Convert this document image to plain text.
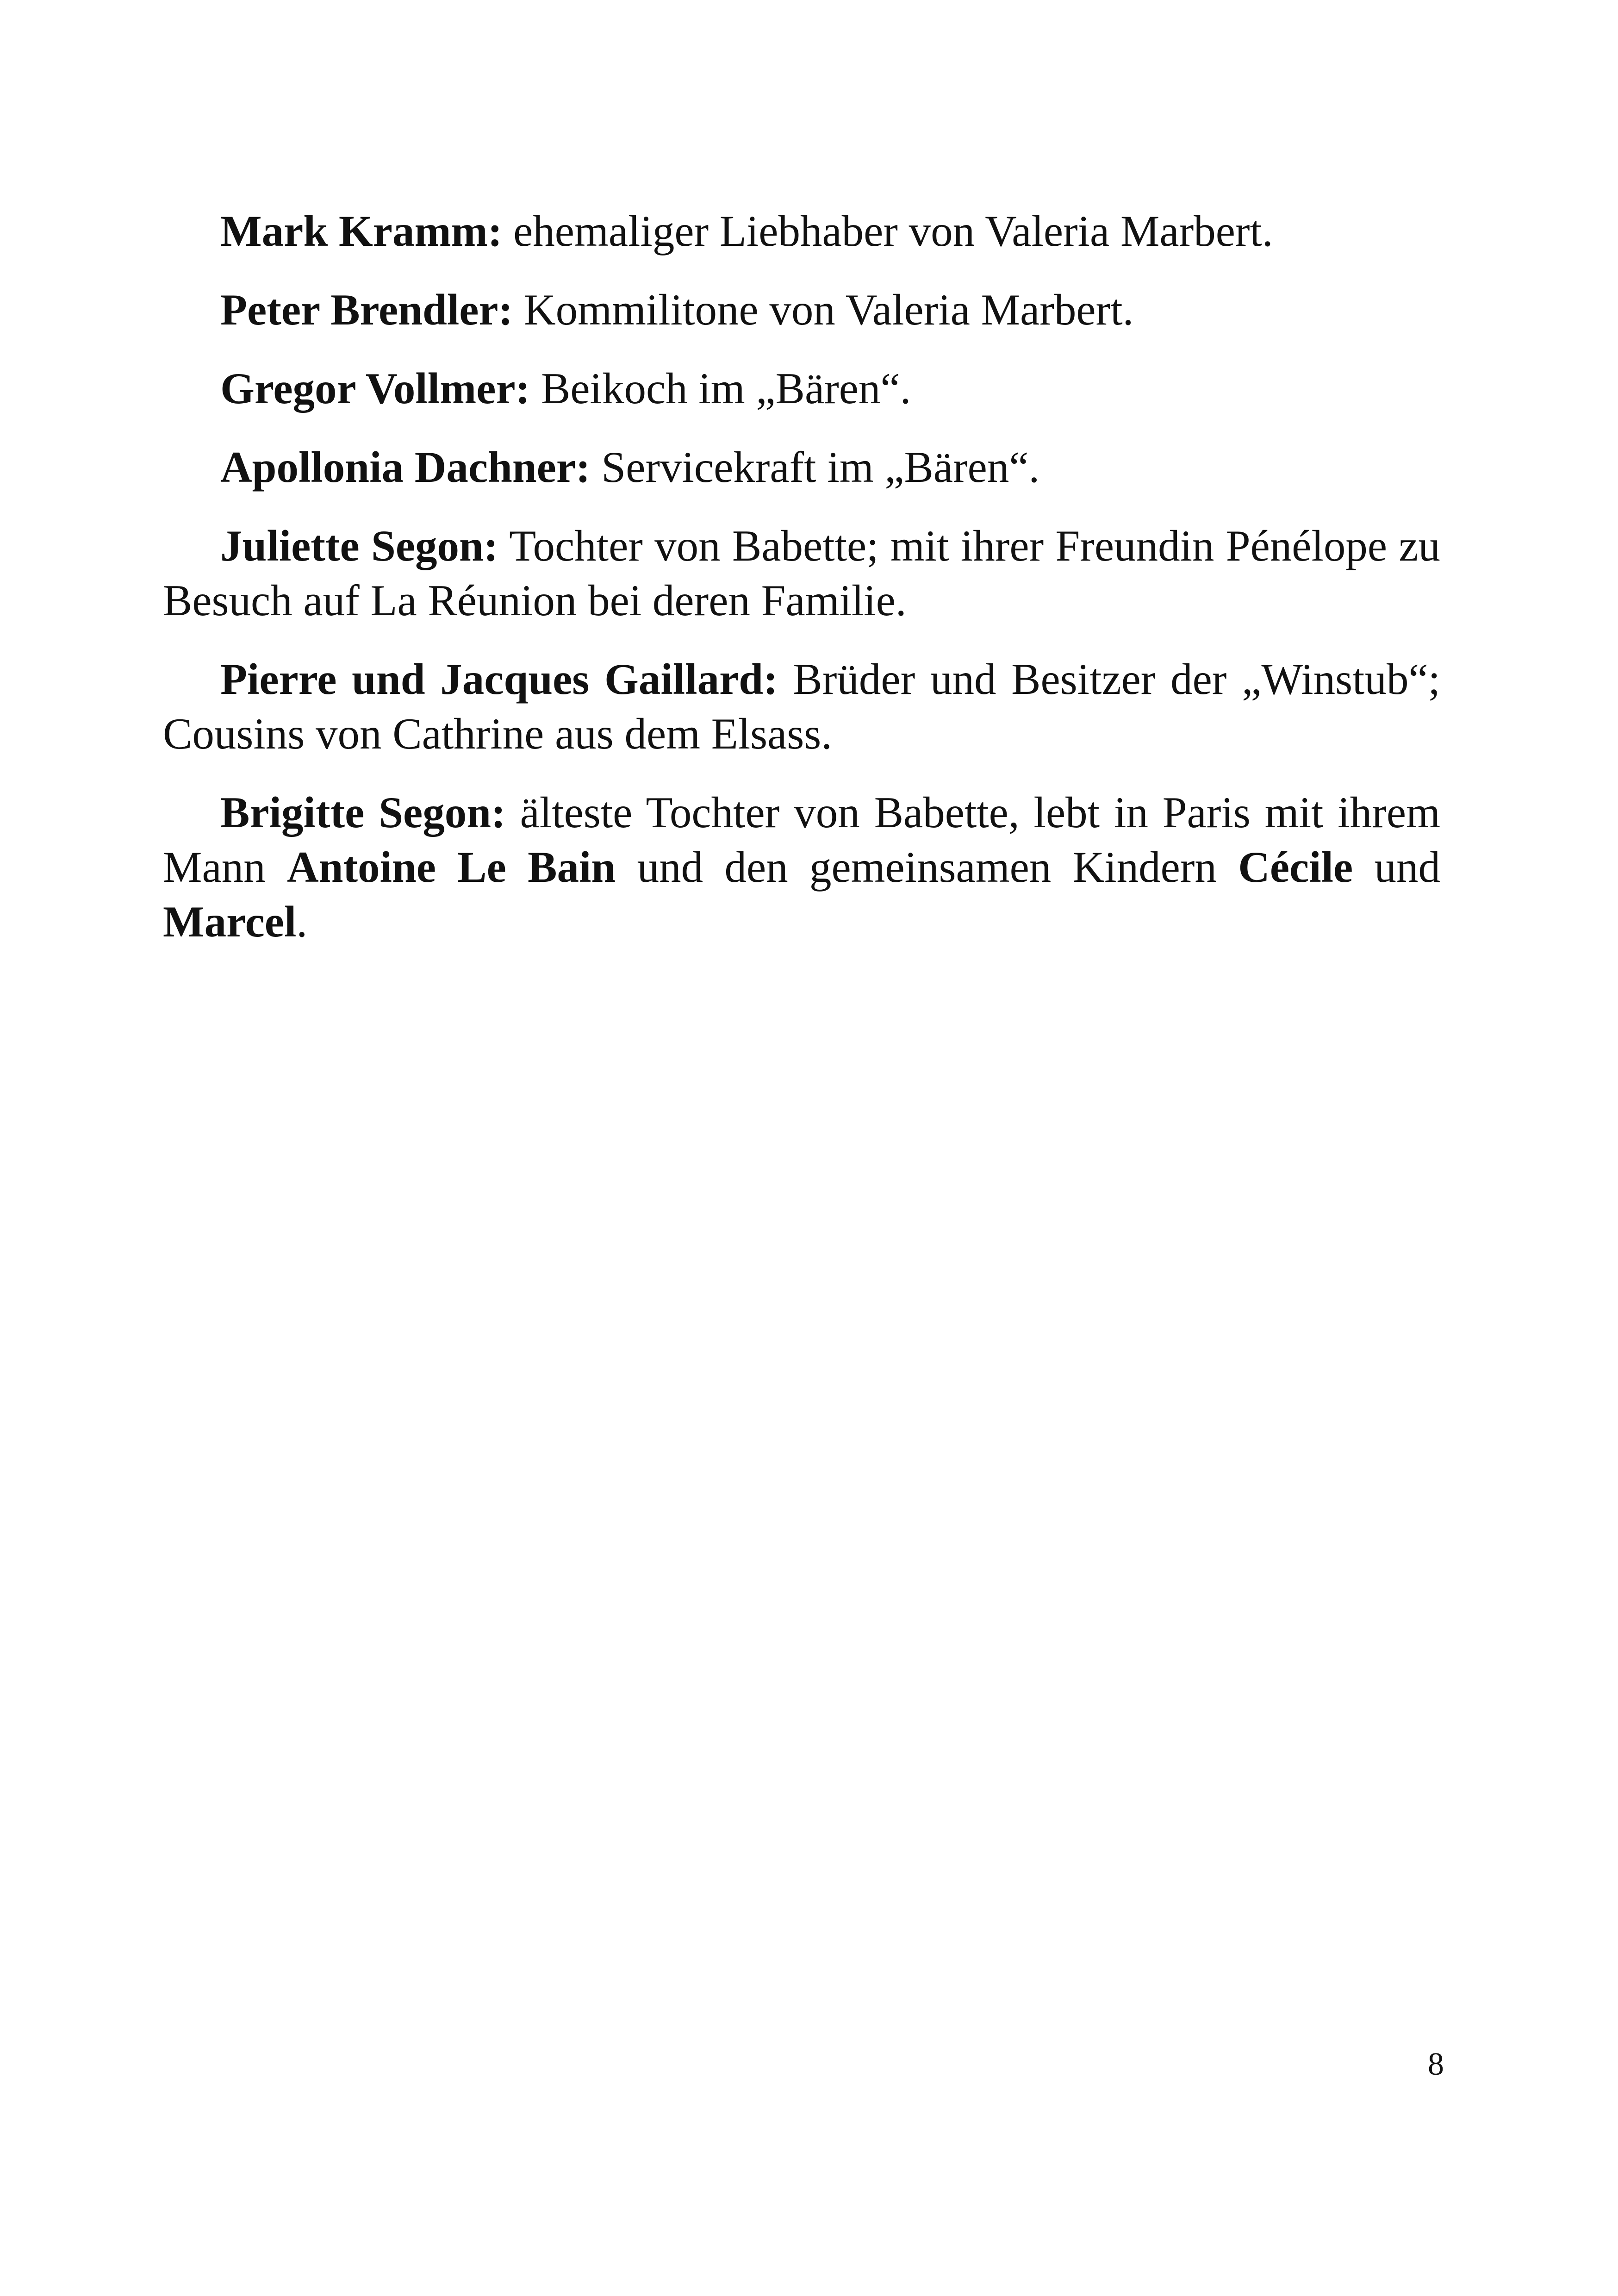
Mark Kramm: ehemaliger Liebhaber von Valeria Marbert.

Peter Brendler: Kommilitone von Valeria Marbert.

Gregor Vollmer: Beikoch im „Bären“.

Apollonia Dachner: Servicekraft im „Bären“.

Juliette Segon: Tochter von Babette; mit ihrer Freundin Pénélope zu Besuch auf La Réunion bei deren Familie.

Pierre und Jacques Gaillard: Brüder und Besitzer der „Winstub“; Cousins von Cathrine aus dem Elsass.

Brigitte Segon: älteste Tochter von Babette, lebt in Paris mit ihrem Mann Antoine Le Bain und den gemeinsamen Kindern Cécile und Marcel.

8
